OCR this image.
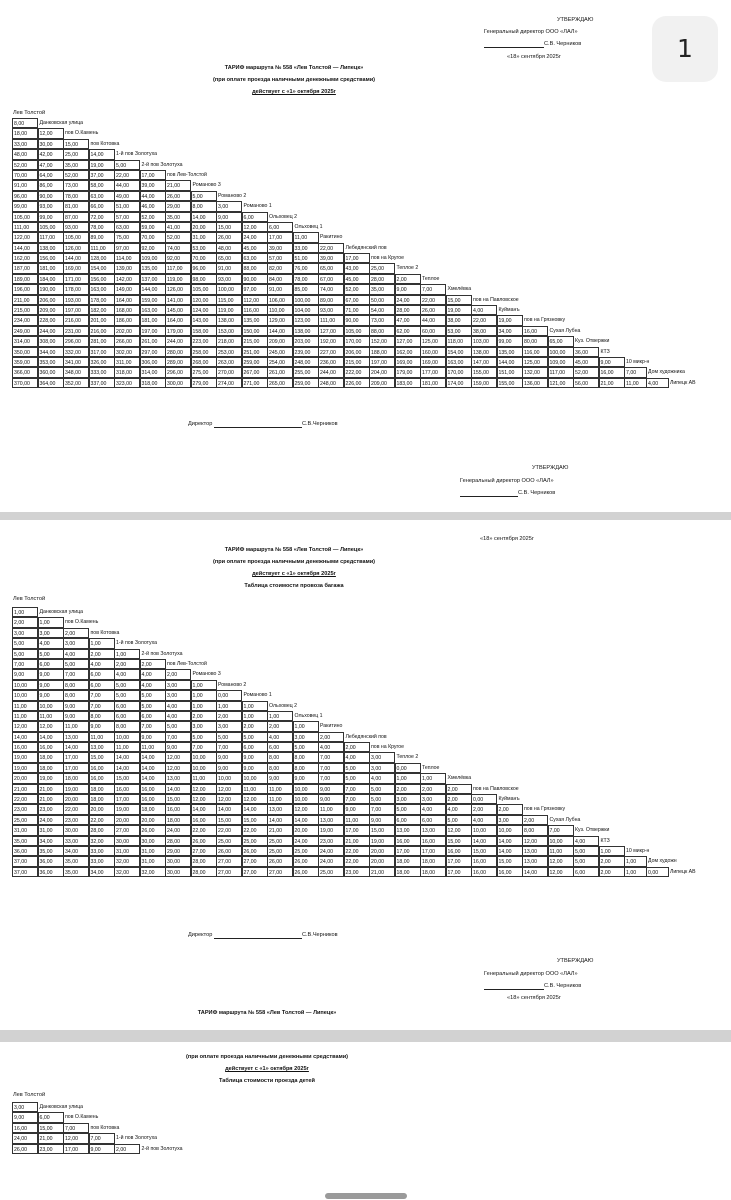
УТВЕРЖДАЮ
Генеральный директор ООО «ЛАЛ»
С.В. Черников
«18» сентября 2025г
ТАРИФ маршрута № 558 «Лев Толстой — Липецк»
(при оплате проезда наличными денежными средствами)
действует с «1» октября 2025г
Лев Толстой
8,00	Данковская улица
18,00	12,00	пов О.Камень
33,00	30,00	15,00	пов Котовка
48,00	42,00	25,00	14,00	1-й пов Золотуха
52,00	47,00	35,00	19,00	5,00	2-й пов Золотуха
70,00	64,00	52,00	37,00	22,00	17,00	пов Лев-Толстой
91,00	86,00	73,00	58,00	44,00	39,00	21,00	Романово 3
96,00	90,00	78,00	63,00	49,00	44,00	26,00	5,00	Романово 2
99,00	93,00	81,00	66,00	51,00	46,00	29,00	8,00	3,00	Романово 1
105,00	99,00	87,00	72,00	57,00	52,00	35,00	14,00	9,00	6,00	Ольховец 2
111,00	105,00	93,00	78,00	63,00	59,00	41,00	20,00	15,00	12,00	6,00	Ольховец 1
122,00	117,00	105,00	89,00	75,00	70,00	52,00	31,00	26,00	24,00	17,00	11,00	Ракитино
144,00	138,00	126,00	111,00	97,00	92,00	74,00	53,00	48,00	45,00	39,00	33,00	22,00	Лебедянский пов
162,00	156,00	144,00	128,00	114,00	109,00	92,00	70,00	65,00	63,00	57,00	51,00	39,00	17,00	пов на Кругое
187,00	181,00	169,00	154,00	139,00	135,00	117,00	96,00	91,00	88,00	82,00	76,00	65,00	43,00	25,00	Теплое 2
189,00	184,00	171,00	156,00	142,00	137,00	119,00	98,00	93,00	90,00	84,00	78,00	67,00	45,00	28,00	2,00	Теплое
196,00	190,00	178,00	163,00	149,00	144,00	126,00	105,00	100,00	97,00	91,00	85,00	74,00	52,00	35,00	9,00	7,00	Хмелёвка
211,00	206,00	193,00	178,00	164,00	159,00	141,00	120,00	115,00	112,00	106,00	100,00	89,00	67,00	50,00	24,00	22,00	15,00	пов на Павловское
215,00	209,00	197,00	182,00	168,00	163,00	145,00	124,00	119,00	116,00	110,00	104,00	93,00	71,00	54,00	28,00	26,00	19,00	4,00	Куйманъ
234,00	228,00	216,00	201,00	186,00	181,00	164,00	143,00	138,00	135,00	129,00	123,00	111,00	90,00	73,00	47,00	44,00	38,00	22,00	19,00	пов на Грязновку
249,00	244,00	231,00	216,00	202,00	197,00	179,00	158,00	153,00	150,00	144,00	138,00	127,00	105,00	88,00	62,00	60,00	53,00	38,00	34,00	16,00	Сухая Лубна
314,00	308,00	296,00	281,00	266,00	261,00	244,00	223,00	218,00	215,00	209,00	203,00	192,00	170,00	152,00	127,00	125,00	118,00	103,00	99,00	80,00	65,00	Куз. Отвержки
350,00	344,00	332,00	317,00	302,00	297,00	280,00	258,00	253,00	251,00	245,00	239,00	227,00	206,00	188,00	162,00	160,00	154,00	138,00	135,00	116,00	100,00	36,00	КТЗ
359,00	353,00	341,00	326,00	311,00	306,00	289,00	268,00	263,00	259,00	254,00	248,00	236,00	215,00	197,00	169,00	169,00	163,00	147,00	144,00	125,00	109,00	45,00	9,00	10 микр-н
366,00	360,00	348,00	333,00	318,00	314,00	296,00	275,00	270,00	267,00	261,00	255,00	244,00	222,00	204,00	179,00	177,00	170,00	155,00	151,00	132,00	117,00	52,00	16,00	7,00	Дом художника
370,00	364,00	352,00	337,00	323,00	318,00	300,00	279,00	274,00	271,00	265,00	259,00	248,00	226,00	209,00	183,00	181,00	174,00	159,00	155,00	136,00	121,00	56,00	21,00	11,00	4,00	Липецк АВ
Директор	С.В.Черников
УТВЕРЖДАЮ
Генеральный директор ООО «ЛАЛ»
С.В. Черников
1
«18» сентября 2025г
ТАРИФ маршрута № 558 «Лев Толстой — Липецк»
(при оплате проезда наличными денежными средствами)
действует с «1» октября 2025г
Таблица стоимости провоза багажа
Лев Толстой
1,00	Данковская улица
2,00	1,00	пов О.Камень
3,00	3,00	2,00	пов Котовка
5,00	4,00	3,00	1,00	1-й пов Золотуха
5,00	5,00	4,00	2,00	1,00	2-й пов Золотуха
7,00	6,00	5,00	4,00	2,00	2,00	пов Лев-Толстой
9,00	9,00	7,00	6,00	4,00	4,00	2,00	Романово 3
10,00	9,00	8,00	6,00	5,00	4,00	3,00	1,00	Романово 2
10,00	9,00	8,00	7,00	5,00	5,00	3,00	1,00	0,00	Романово 1
11,00	10,00	9,00	7,00	6,00	5,00	4,00	1,00	1,00	1,00	Ольховец 2
11,00	11,00	9,00	8,00	6,00	6,00	4,00	2,00	2,00	1,00	1,00	Ольховец 1
12,00	12,00	11,00	9,00	8,00	7,00	5,00	3,00	3,00	2,00	2,00	1,00	Ракитино
14,00	14,00	13,00	11,00	10,00	9,00	7,00	5,00	5,00	5,00	4,00	3,00	2,00	Лебедянский пов
16,00	16,00	14,00	13,00	11,00	11,00	9,00	7,00	7,00	6,00	6,00	5,00	4,00	2,00	пов на Кругое
19,00	18,00	17,00	15,00	14,00	14,00	12,00	10,00	9,00	9,00	8,00	8,00	7,00	4,00	3,00	Теплое 2
19,00	18,00	17,00	16,00	14,00	14,00	12,00	10,00	9,00	9,00	8,00	8,00	7,00	5,00	3,00	0,00	Теплое
20,00	19,00	18,00	16,00	15,00	14,00	13,00	11,00	10,00	10,00	9,00	9,00	7,00	5,00	4,00	1,00	1,00	Хмелёвка
21,00	21,00	19,00	18,00	16,00	16,00	14,00	12,00	12,00	11,00	11,00	10,00	9,00	7,00	5,00	2,00	2,00	2,00	пов на Павловское
22,00	21,00	20,00	18,00	17,00	16,00	15,00	12,00	12,00	12,00	11,00	10,00	9,00	7,00	5,00	3,00	3,00	2,00	0,00	Куйманъ
23,00	23,00	22,00	20,00	19,00	18,00	16,00	14,00	14,00	14,00	13,00	12,00	11,00	9,00	7,00	5,00	4,00	4,00	2,00	2,00	пов на Грязновку
25,00	24,00	23,00	22,00	20,00	20,00	18,00	16,00	15,00	15,00	14,00	14,00	13,00	11,00	9,00	6,00	6,00	5,00	4,00	3,00	2,00	Сухая Лубна
31,00	31,00	30,00	28,00	27,00	26,00	24,00	22,00	22,00	22,00	21,00	20,00	19,00	17,00	15,00	13,00	13,00	12,00	10,00	10,00	8,00	7,00	Куз. Отвержки
35,00	34,00	33,00	32,00	30,00	30,00	28,00	26,00	25,00	25,00	25,00	24,00	23,00	21,00	19,00	16,00	16,00	15,00	14,00	14,00	12,00	10,00	4,00	КТЗ
36,00	35,00	34,00	33,00	31,00	31,00	29,00	27,00	26,00	26,00	25,00	25,00	24,00	22,00	20,00	17,00	17,00	16,00	15,00	14,00	13,00	11,00	5,00	1,00	10 микр-н
37,00	36,00	35,00	33,00	32,00	31,00	30,00	28,00	27,00	27,00	26,00	26,00	24,00	22,00	20,00	18,00	18,00	17,00	16,00	15,00	13,00	12,00	5,00	2,00	1,00	Дом художн
37,00	36,00	35,00	34,00	32,00	32,00	30,00	28,00	27,00	27,00	27,00	26,00	25,00	23,00	21,00	18,00	18,00	17,00	16,00	16,00	14,00	12,00	6,00	2,00	1,00	0,00	Липецк АВ
Директор	С.В.Черников
УТВЕРЖДАЮ
Генеральный директор ООО «ЛАЛ»
С.В. Черников
«18» сентября 2025г
ТАРИФ маршрута № 558 «Лев Толстой — Липецк»
(при оплате проезда наличными денежными средствами)
действует с «1» октября 2025г
Таблица стоимости проезда детей
Лев Толстой
3,00	Данковская улица
9,00	6,00	пов О.Камень
16,00	15,00	7,00	пов Котовка
24,00	21,00	12,00	7,00	1-й пов Золотуха
26,00	23,00	17,00	9,00	2,00	2-й пов Золотуха
